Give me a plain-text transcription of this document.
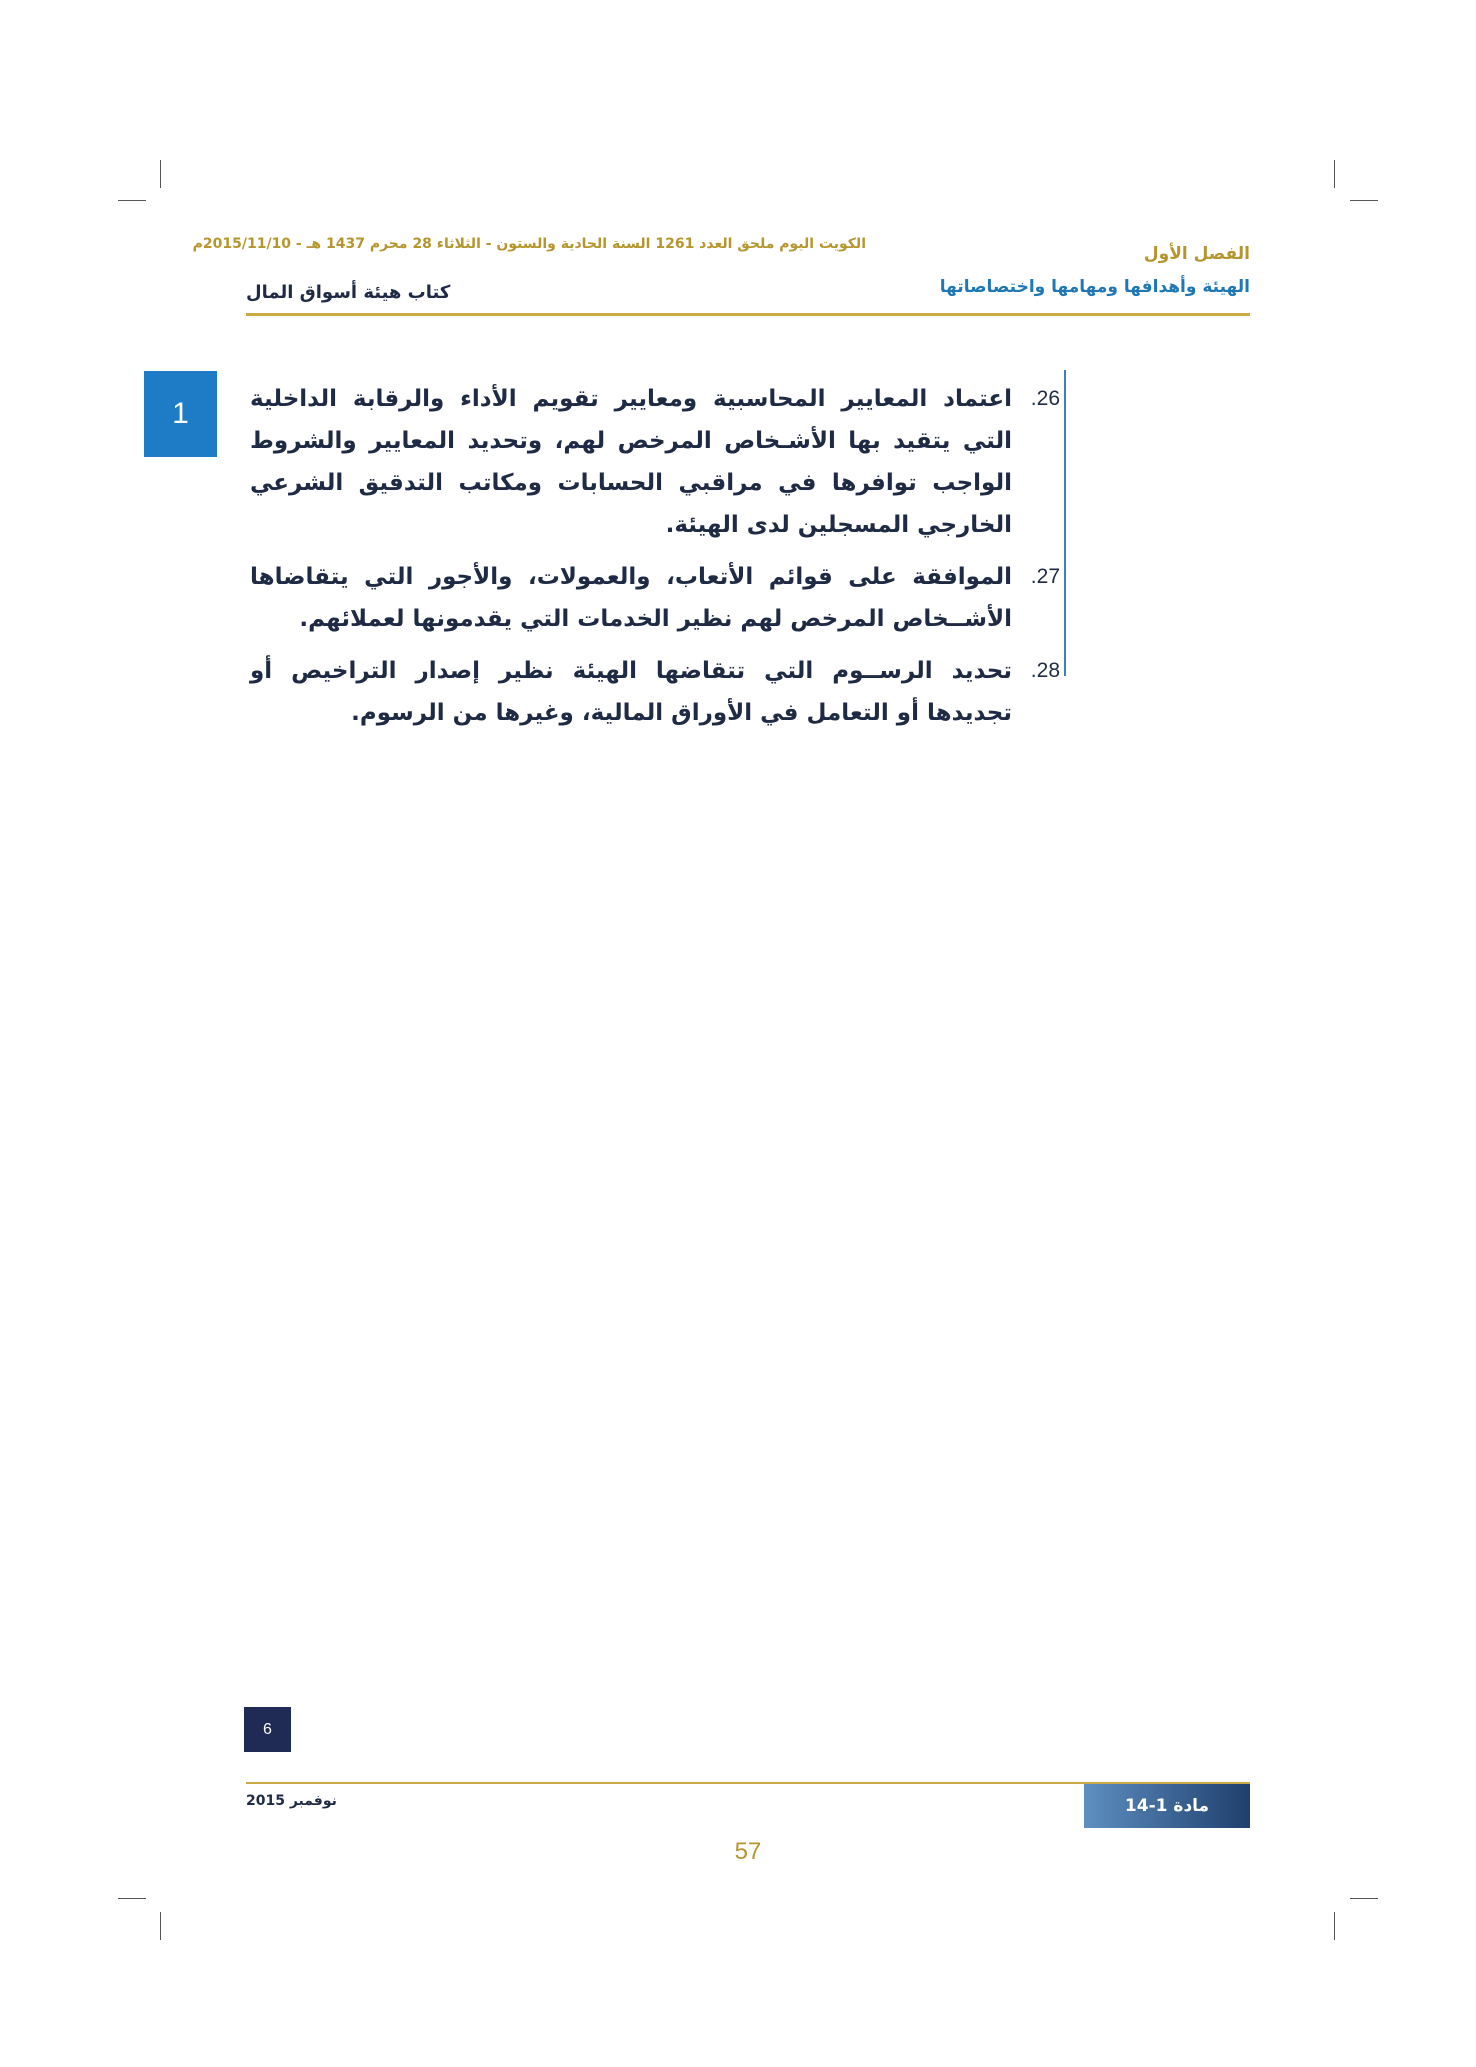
الكويت اليوم ملحق العدد 1261 السنة الحادية والستون - الثلاثاء 28 محرم 1437 هـ - 2015/11/10م	الفصل الأول
كتاب هيئة أسواق المال	الهيئة وأهدافها ومهامها واختصاصاتها
1	26.
اعتماد المعايير المحاسبية ومعايير تقويم الأداء والرقابة الداخلية التي يتقيد بها الأشـخاص المرخص لهم، وتحديد المعايير والشروط الواجب توافرها في مراقبي الحسابات ومكاتب التدقيق الشرعي الخارجي المسجلين لدى الهيئة.
27.
الموافقة على قوائم الأتعاب، والعمولات، والأجور التي يتقاضاها الأشــخاص المرخص لهم نظير الخدمات التي يقدمونها لعملائهم.
28.
تحديد الرســوم التي تتقاضها الهيئة نظير إصدار التراخيص أو تجديدها أو التعامل في الأوراق المالية، وغيرها من الرسوم.
6
نوفمبر 2015	مادة 1-14
57
